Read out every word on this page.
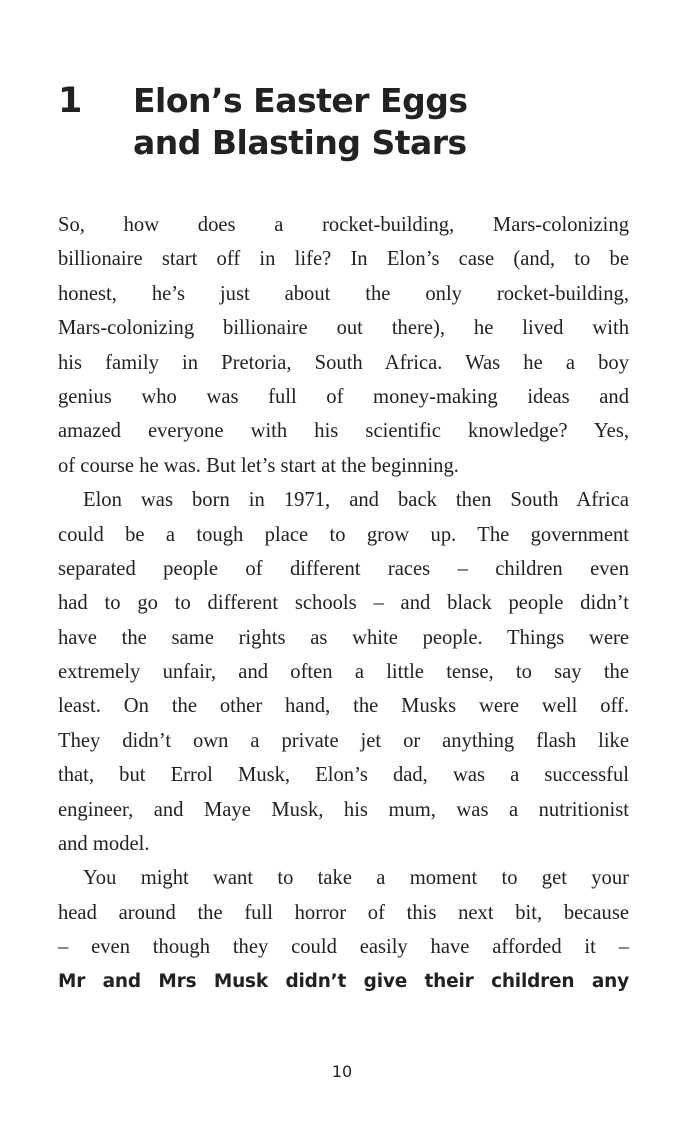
1 Elon’s Easter Eggs
and Blasting Stars
So, how does a rocket-building, Mars-colonizing
billionaire start off in life? In Elon’s case (and, to be
honest, he’s just about the only rocket-building,
Mars-colonizing billionaire out there), he lived with
his family in Pretoria, South Africa. Was he a boy
genius who was full of money-making ideas and
amazed everyone with his scientific knowledge? Yes,
of course he was. But let’s start at the beginning.
Elon was born in 1971, and back then South Africa
could be a tough place to grow up. The government
separated people of different races – children even
had to go to different schools – and black people didn’t
have the same rights as white people. Things were
extremely unfair, and often a little tense, to say the
least. On the other hand, the Musks were well off.
They didn’t own a private jet or anything flash like
that, but Errol Musk, Elon’s dad, was a successful
engineer, and Maye Musk, his mum, was a nutritionist
and model.
You might want to take a moment to get your
head around the full horror of this next bit, because
– even though they could easily have afforded it –
Mr and Mrs Musk didn’t give their children any
10
